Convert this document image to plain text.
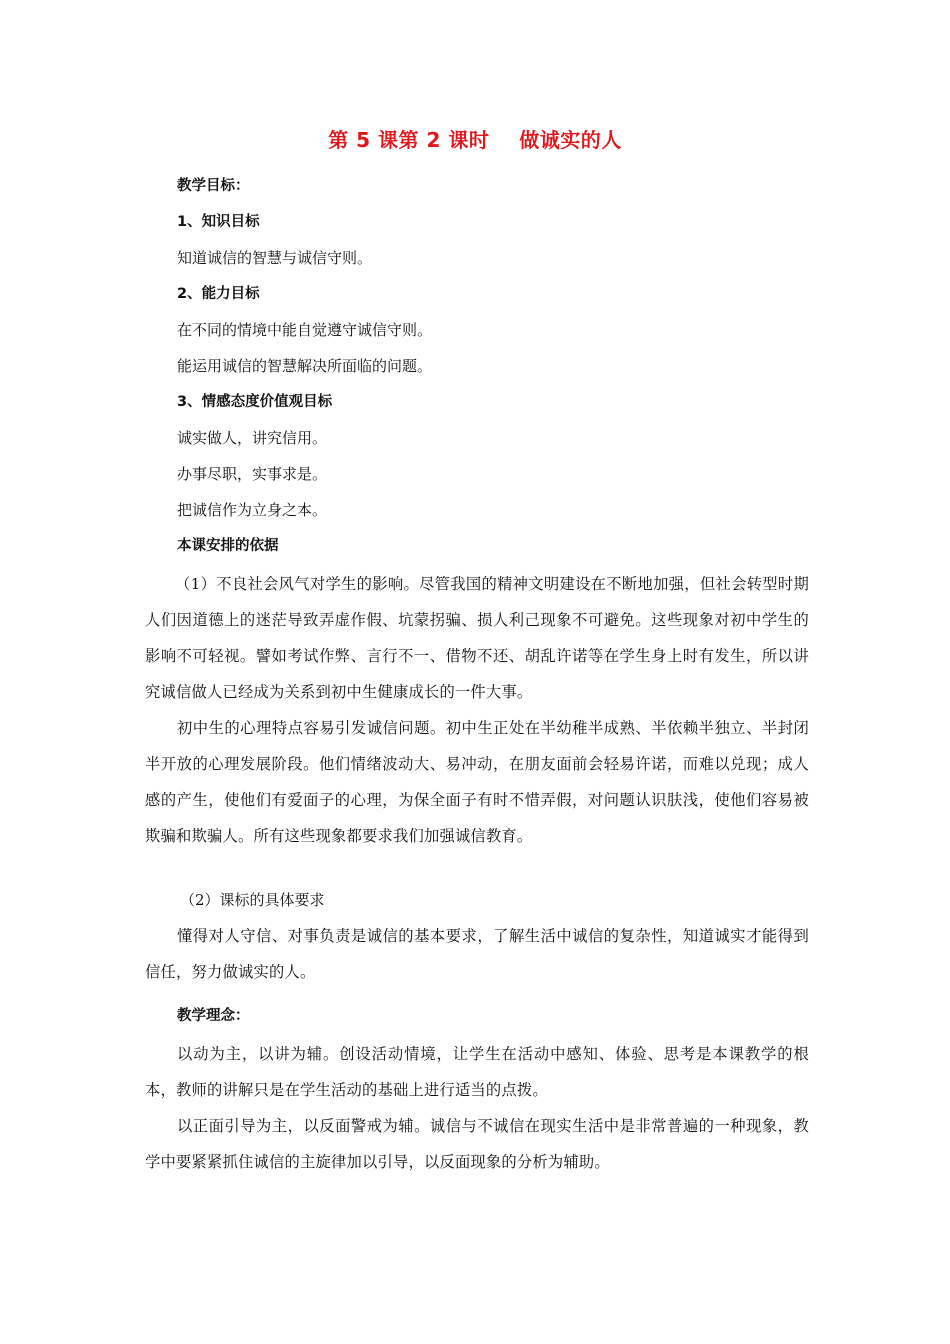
第 5 课第 2 课时    做诚实的人
教学目标：
1、知识目标
知道诚信的智慧与诚信守则。
2、能力目标
在不同的情境中能自觉遵守诚信守则。
能运用诚信的智慧解决所面临的问题。
3、情感态度价值观目标
诚实做人，讲究信用。
办事尽职，实事求是。
把诚信作为立身之本。
本课安排的依据
（1）不良社会风气对学生的影响。尽管我国的精神文明建设在不断地加强，但社会转型时期人们因道德上的迷茫导致弄虚作假、坑蒙拐骗、损人利己现象不可避免。这些现象对初中学生的影响不可轻视。譬如考试作弊、言行不一、借物不还、胡乱许诺等在学生身上时有发生，所以讲究诚信做人已经成为关系到初中生健康成长的一件大事。
初中生的心理特点容易引发诚信问题。初中生正处在半幼稚半成熟、半依赖半独立、半封闭半开放的心理发展阶段。他们情绪波动大、易冲动，在朋友面前会轻易许诺，而难以兑现；成人感的产生，使他们有爱面子的心理，为保全面子有时不惜弄假，对问题认识肤浅，使他们容易被欺骗和欺骗人。所有这些现象都要求我们加强诚信教育。
（2）课标的具体要求
懂得对人守信、对事负责是诚信的基本要求，了解生活中诚信的复杂性，知道诚实才能得到信任，努力做诚实的人。
教学理念：
以动为主，以讲为辅。创设活动情境，让学生在活动中感知、体验、思考是本课教学的根本，教师的讲解只是在学生活动的基础上进行适当的点拨。
以正面引导为主，以反面警戒为辅。诚信与不诚信在现实生活中是非常普遍的一种现象，教学中要紧紧抓住诚信的主旋律加以引导，以反面现象的分析为辅助。
